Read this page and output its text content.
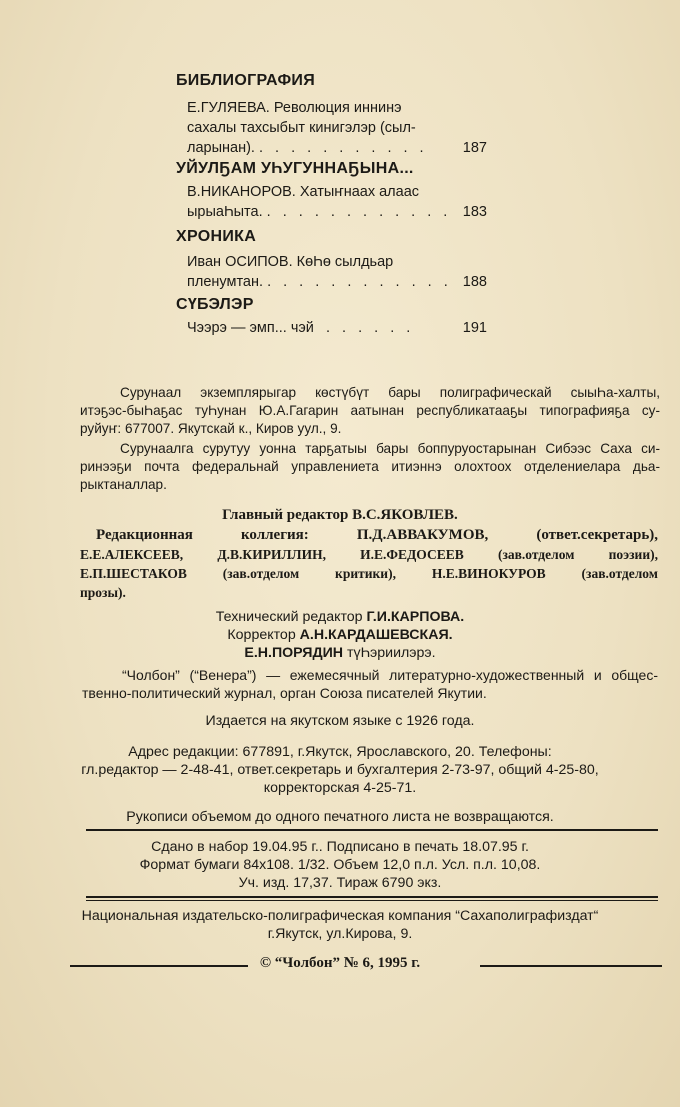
БИБЛИОГРАФИЯ
Е.ГУЛЯЕВА. Революция иннинэ
сахалы тахсыбыт кинигэлэр (сыл-
ларынан). . . . . . . . . . . . 187
УЙУЛҔАМ УҺУГУННАҔЫНА...
В.НИКАНОРОВ. Хатыҥнаах алаас
ырыаҺыта. . . . . . . . . . . . . 183
ХРОНИКА
Иван ОСИПОВ. КөҺө сылдьар
пленумтан. . . . . . . . . . . . . 188
СҮБЭЛЭР
Чээрэ — эмп... чэй . . . . . .	191
Сурунаал экземплярыгар көстүбүт бары полиграфическай сыыҺа-халты,
итэҕэс-быҺаҕас туҺунан Ю.А.Гагарин аатынан республикатааҕы типографияҕа су-
руйуҥ: 677007. Якутскай к., Киров уул., 9.
Сурунаалга сурутуу уонна тарҕатыы бары боппуруостарынан Сибээс Саха си-
ринээҕи почта федеральнай управлениета итиэннэ олохтоох отделениелара дьа-
рыктаналлар.
Главный редактор В.С.ЯКОВЛЕВ.
Редакционная коллегия: П.Д.АВВАКУМОВ, (ответ.секретарь),
Е.Е.АЛЕКСЕЕВ, Д.В.КИРИЛЛИН, И.Е.ФЕДОСЕЕВ (зав.отделом поэзии),
Е.П.ШЕСТАКОВ (зав.отделом критики), Н.Е.ВИНОКУРОВ (зав.отделом
прозы).
Технический редактор Г.И.КАРПОВА.
Корректор А.Н.КАРДАШЕВСКАЯ.
Е.Н.ПОРЯДИН түҺэриилэрэ.
“Чолбон” (“Венера”) — ежемесячный литературно-художественный и общес-
твенно-политический журнал, орган Союза писателей Якутии.
Издается на якутском языке с 1926 года.
Адрес редакции: 677891, г.Якутск, Ярославского, 20. Телефоны:
гл.редактор — 2-48-41, ответ.секретарь и бухгалтерия 2-73-97, общий 4-25-80,
корректорская 4-25-71.
Рукописи объемом до одного печатного листа не возвращаются.
Сдано в набор 19.04.95 г.. Подписано в печать 18.07.95 г.
Формат бумаги 84х108. 1/32. Объем 12,0 п.л. Усл. п.л. 10,08.
Уч. изд. 17,37. Тираж 6790 экз.
Национальная издательско-полиграфическая компания “Сахаполиграфиздат“
г.Якутск, ул.Кирова, 9.
© “Чолбон” № 6, 1995 г.
